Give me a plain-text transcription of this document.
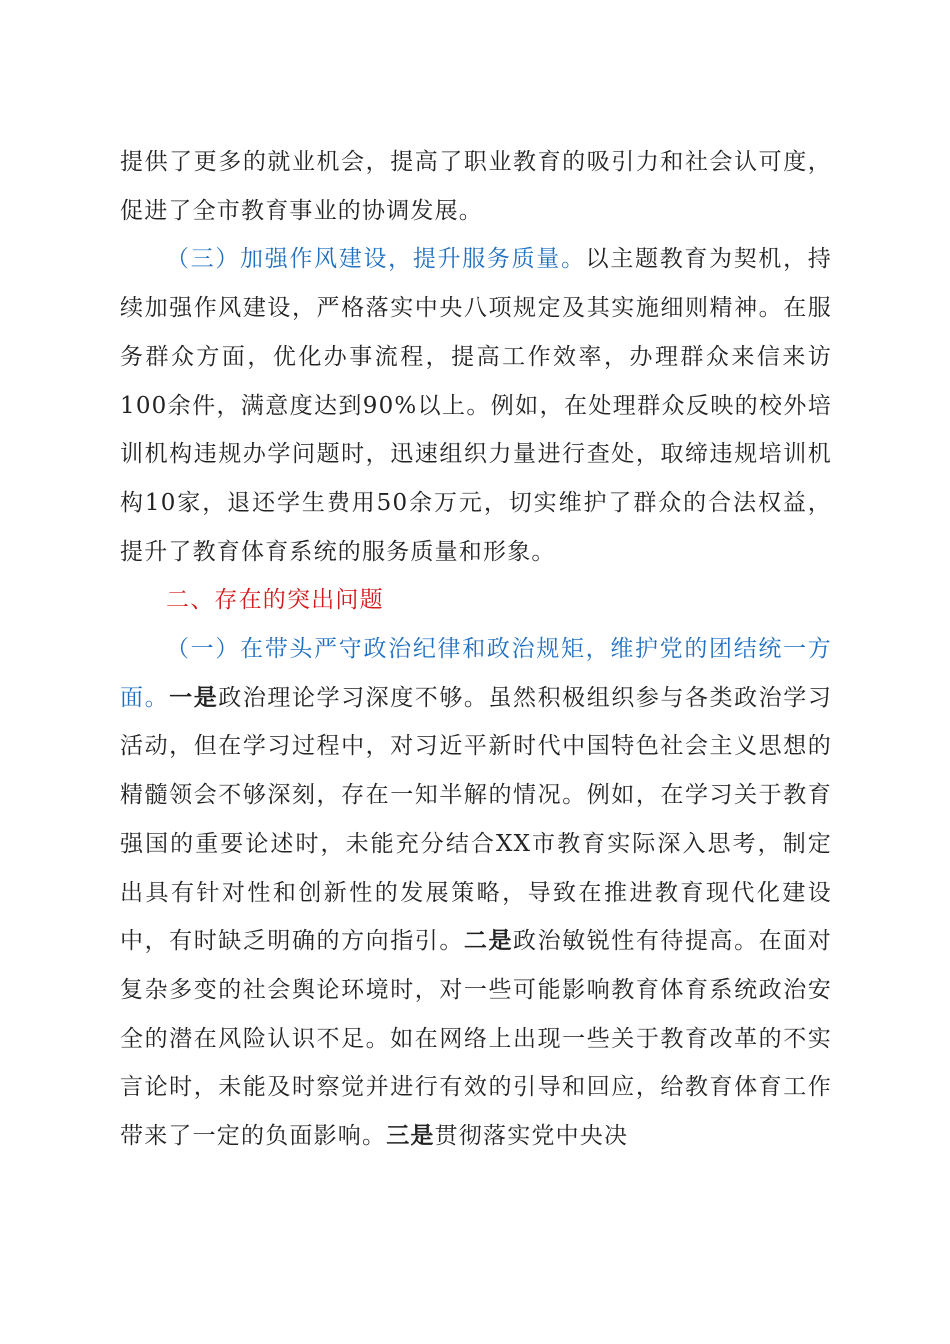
提供了更多的就业机会，提高了职业教育的吸引力和社会认可度，促进了全市教育事业的协调发展。

（三）加强作风建设，提升服务质量。以主题教育为契机，持续加强作风建设，严格落实中央八项规定及其实施细则精神。在服务群众方面，优化办事流程，提高工作效率，办理群众来信来访100余件，满意度达到90%以上。例如，在处理群众反映的校外培训机构违规办学问题时，迅速组织力量进行查处，取缔违规培训机构10家，退还学生费用50余万元，切实维护了群众的合法权益，提升了教育体育系统的服务质量和形象。

二、存在的突出问题

（一）在带头严守政治纪律和政治规矩，维护党的团结统一方面。一是政治理论学习深度不够。虽然积极组织参与各类政治学习活动，但在学习过程中，对习近平新时代中国特色社会主义思想的精髓领会不够深刻，存在一知半解的情况。例如，在学习关于教育强国的重要论述时，未能充分结合XX市教育实际深入思考，制定出具有针对性和创新性的发展策略，导致在推进教育现代化建设中，有时缺乏明确的方向指引。二是政治敏锐性有待提高。在面对复杂多变的社会舆论环境时，对一些可能影响教育体育系统政治安全的潜在风险认识不足。如在网络上出现一些关于教育改革的不实言论时，未能及时察觉并进行有效的引导和回应，给教育体育工作带来了一定的负面影响。三是贯彻落实党中央决
